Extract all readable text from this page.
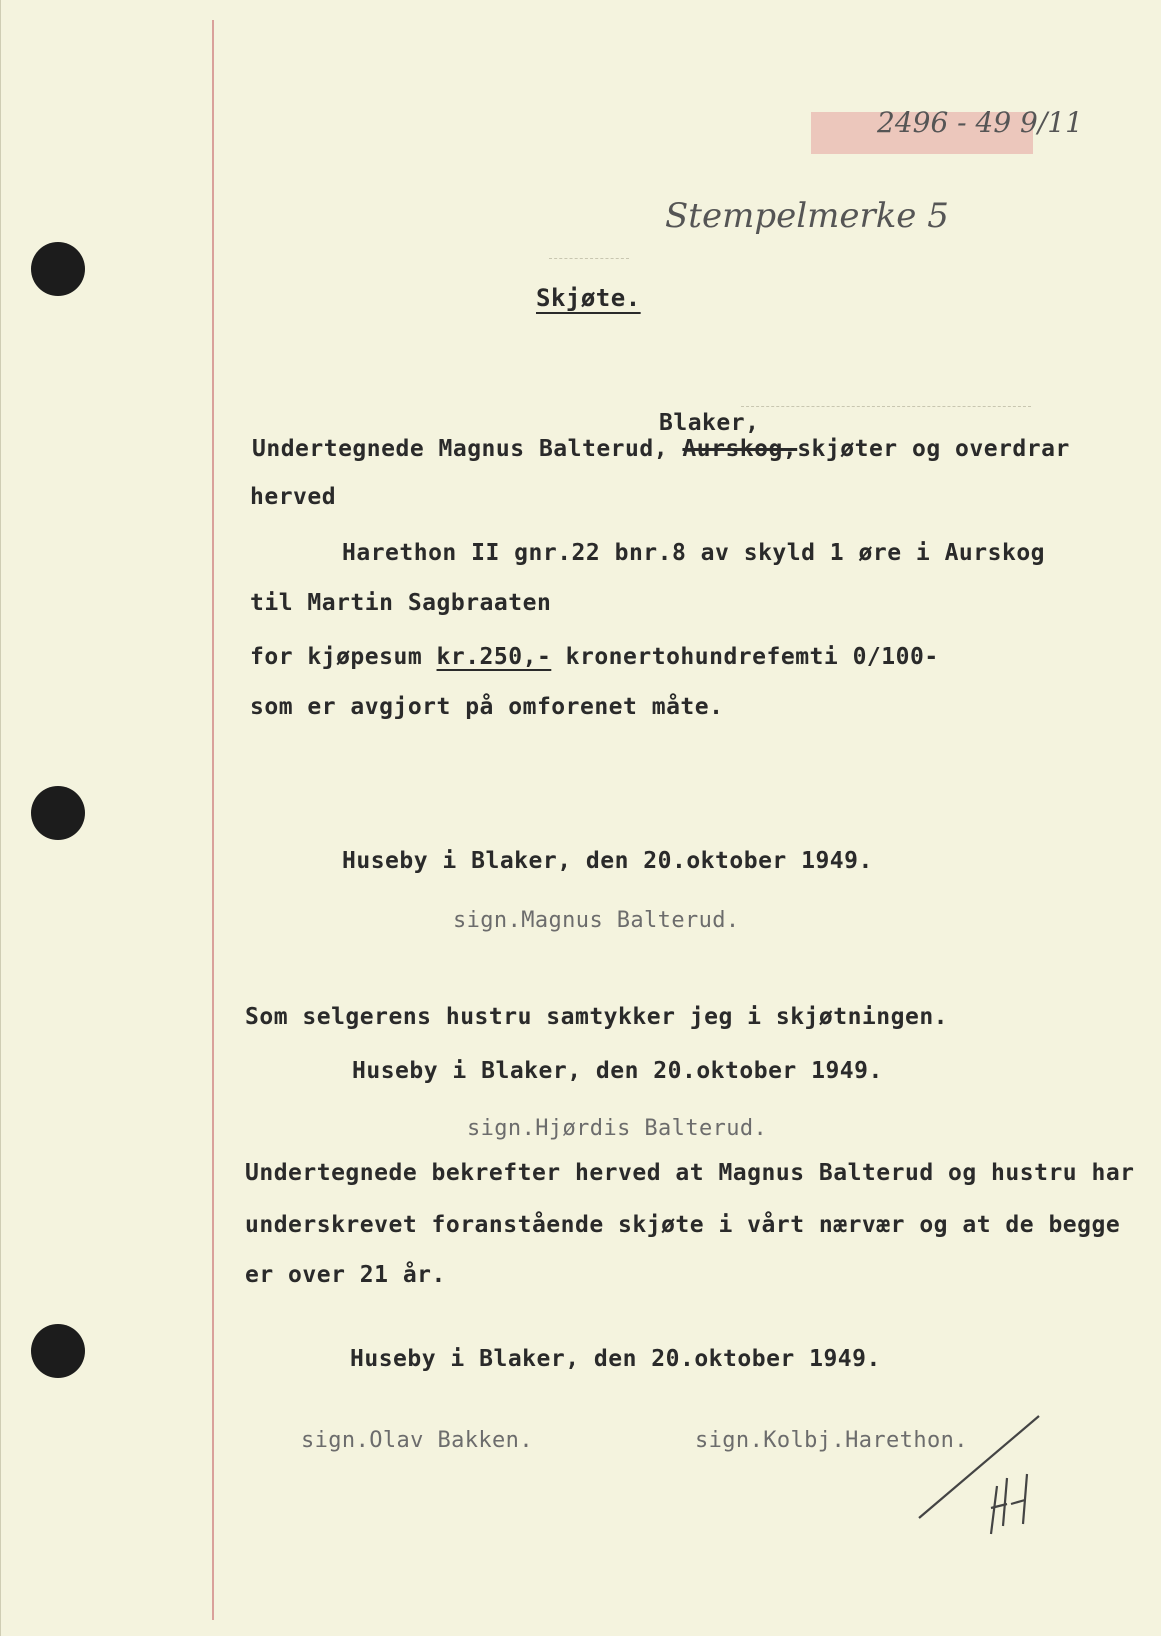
2496 - 49 9/11
Stempelmerke 5
Skjøte.
Blaker,
Undertegnede Magnus Balterud, Aurskog,skjøter og overdrar
herved
Harethon II gnr.22 bnr.8 av skyld 1 øre i Aurskog
til Martin Sagbraaten
for kjøpesum kr.250,- kronertohundrefemti 0/100-
som er avgjort på omforenet måte.
Huseby i Blaker, den 20.oktober 1949.
sign.Magnus Balterud.
Som selgerens hustru samtykker jeg i skjøtningen.
Huseby i Blaker, den 20.oktober 1949.
sign.Hjørdis Balterud.
Undertegnede bekrefter herved at Magnus Balterud og hustru har
underskrevet foranstående skjøte i vårt nærvær og at de begge
er over 21 år.
Huseby i Blaker, den 20.oktober 1949.
sign.Olav Bakken.	sign.Kolbj.Harethon.
